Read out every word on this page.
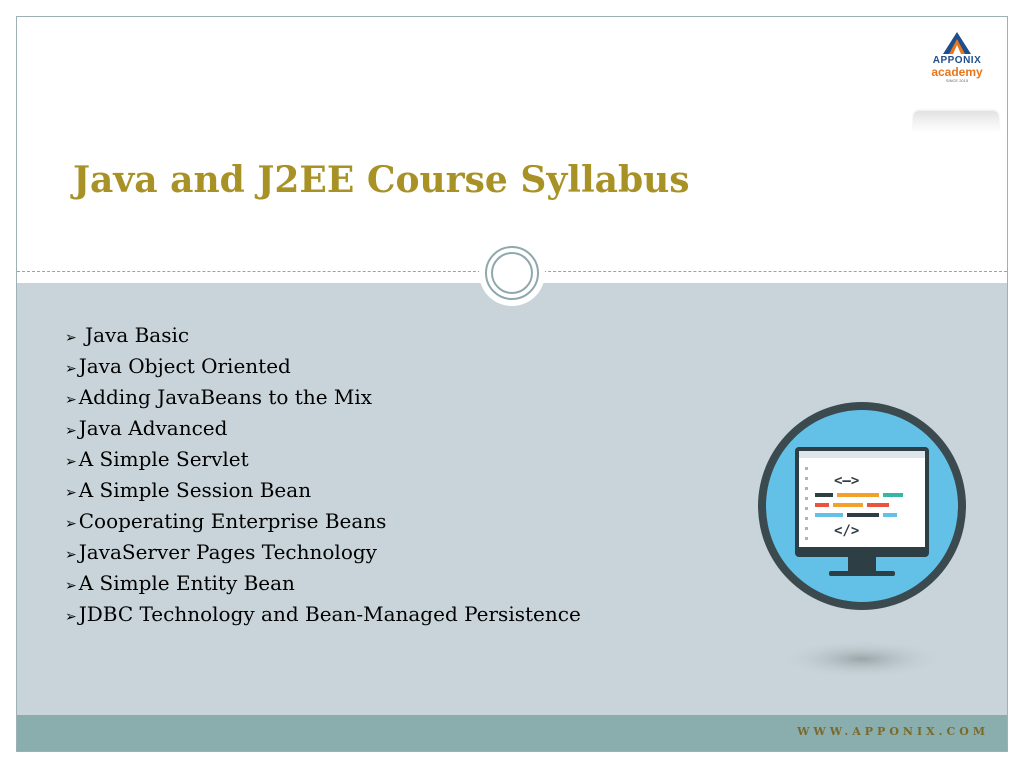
APPONIX
academy
SINCE 2015
Java and J2EE Course Syllabus
➢ Java Basic
➢ Java Object Oriented
➢ Adding JavaBeans to the Mix
➢ Java Advanced
➢ A Simple Servlet
➢ A Simple Session Bean
➢ Cooperating Enterprise Beans
➢ JavaServer Pages Technology
➢ A Simple Entity Bean
➢ JDBC Technology and Bean-Managed Persistence
<—>
</>
WWW.APPONIX.COM
